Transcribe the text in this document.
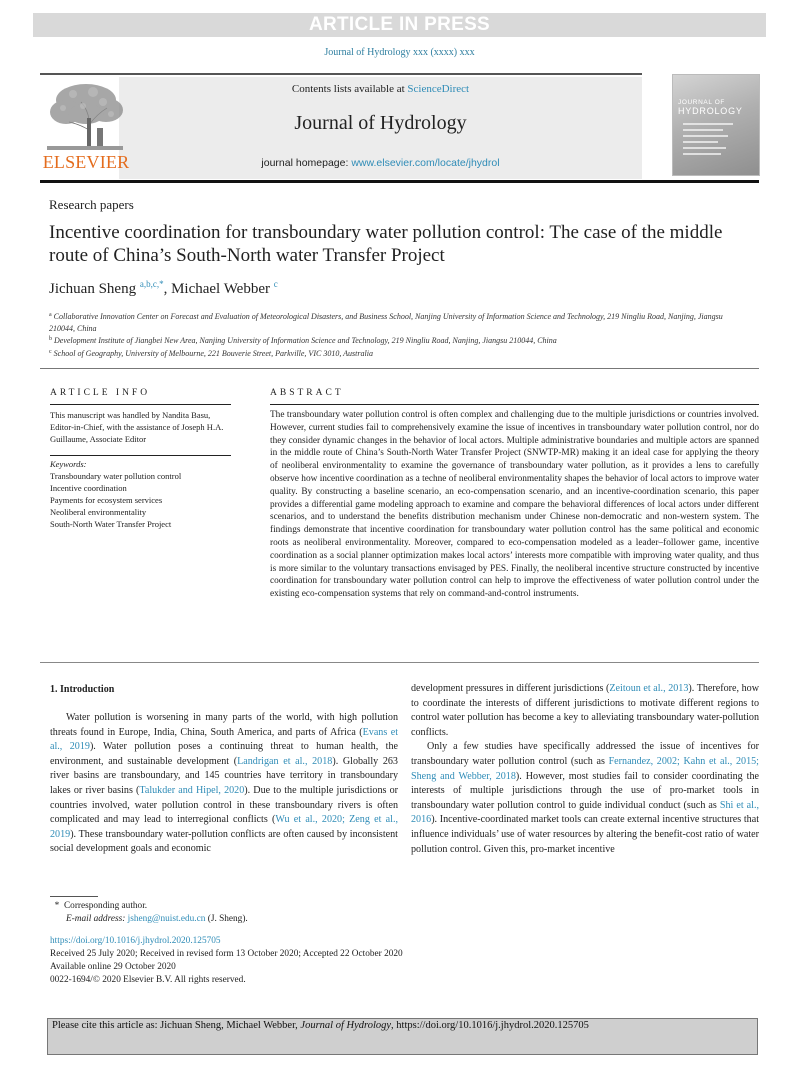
ARTICLE IN PRESS
Journal of Hydrology xxx (xxxx) xxx
ELSEVIER
Contents lists available at ScienceDirect
Journal of Hydrology
journal homepage: www.elsevier.com/locate/jhydrol
JOURNAL OF
HYDROLOGY
Research papers
Incentive coordination for transboundary water pollution control: The case of the middle route of China’s South-North water Transfer Project
Jichuan Sheng $^{a,b,c,*}$, Michael Webber $^c$
$^a$ Collaborative Innovation Center on Forecast and Evaluation of Meteorological Disasters, and Business School, Nanjing University of Information Science and Technology, 219 Ningliu Road, Nanjing, Jiangsu 210044, China
$^b$ Development Institute of Jiangbei New Area, Nanjing University of Information Science and Technology, 219 Ningliu Road, Nanjing, Jiangsu 210044, China
$^c$ School of Geography, University of Melbourne, 221 Bouverie Street, Parkville, VIC 3010, Australia
ARTICLE INFO
This manuscript was handled by Nandita Basu, Editor-in-Chief, with the assistance of Joseph H.A. Guillaume, Associate Editor
Keywords:
Transboundary water pollution control
Incentive coordination
Payments for ecosystem services
Neoliberal environmentality
South-North Water Transfer Project
ABSTRACT
The transboundary water pollution control is often complex and challenging due to the multiple jurisdictions or countries involved. However, current studies fail to comprehensively examine the issue of incentives in transboundary water pollution control, nor do they consider dynamic changes in the behavior of local actors. Multiple administrative boundaries and multiple actors are spanned in the middle route of China’s South-North Water Transfer Project (SNWTP-MR) making it an ideal case for applying the theory of neoliberal environmentality to examine the governance of transboundary water pollution, as it provides a lens to carefully observe how incentive coordination as a techne of neoliberal environmentality shapes the behavior of local actors to improve water quality. By constructing a baseline scenario, an eco-compensation scenario, and an incentive-coordination scenario, this paper provides a differential game modeling approach to examine and compare the behavioral differences of local actors under different scenarios, and to understand the benefits distribution mechanism under Chinese non-democratic and non-western system. The findings demonstrate that incentive coordination for transboundary water pollution control has the same political and economic roots as neoliberal environmentality. Moreover, compared to eco-compensation modeled as a leader–follower game, incentive coordination as a social planner optimization makes local actors’ interests more compatible with improving water quality, and thus is more similar to the voluntary transactions envisaged by PES. Finally, the neoliberal incentive structure constructed by incentive coordination for transboundary water pollution control can help to improve the effectiveness of water pollution control under the existing eco-compensation systems that rely on command-and-control instruments.
1. Introduction

Water pollution is worsening in many parts of the world, with high pollution threats found in Europe, India, China, South America, and parts of Africa (Evans et al., 2019). Water pollution poses a continuing threat to human health, the environment, and sustainable development (Landrigan et al., 2018). Globally 263 river basins are transboundary, and 145 countries have territory in transboundary lakes or river basins (Talukder and Hipel, 2020). Due to the multiple jurisdictions or countries involved, water pollution control in these transboundary rivers is often complicated and may lead to interregional conflicts (Wu et al., 2020; Zeng et al., 2019). These transboundary water-pollution conflicts are often caused by inconsistent social development goals and economic

development pressures in different jurisdictions (Zeitoun et al., 2013). Therefore, how to coordinate the interests of different jurisdictions to motivate different regions to control water pollution has become a key to alleviating transboundary water-pollution conflicts.

Only a few studies have specifically addressed the issue of incentives for transboundary water pollution control (such as Fernandez, 2002; Kahn et al., 2015; Sheng and Webber, 2018). However, most studies fail to consider coordinating the interests of multiple jurisdictions through the use of pro-market tools in transboundary water pollution control to guide individual conduct (such as Shi et al., 2016). Incentive-coordinated market tools can create external incentive structures that influence individuals’ use of water resources by altering the benefit-cost ratio of water pollution control. Given this, pro-market incentive

* Corresponding author.
E-mail address: jsheng@nuist.edu.cn (J. Sheng).
https://doi.org/10.1016/j.jhydrol.2020.125705
Received 25 July 2020; Received in revised form 13 October 2020; Accepted 22 October 2020
Available online 29 October 2020
0022-1694/© 2020 Elsevier B.V. All rights reserved.
Please cite this article as: Jichuan Sheng, Michael Webber, Journal of Hydrology, https://doi.org/10.1016/j.jhydrol.2020.125705
